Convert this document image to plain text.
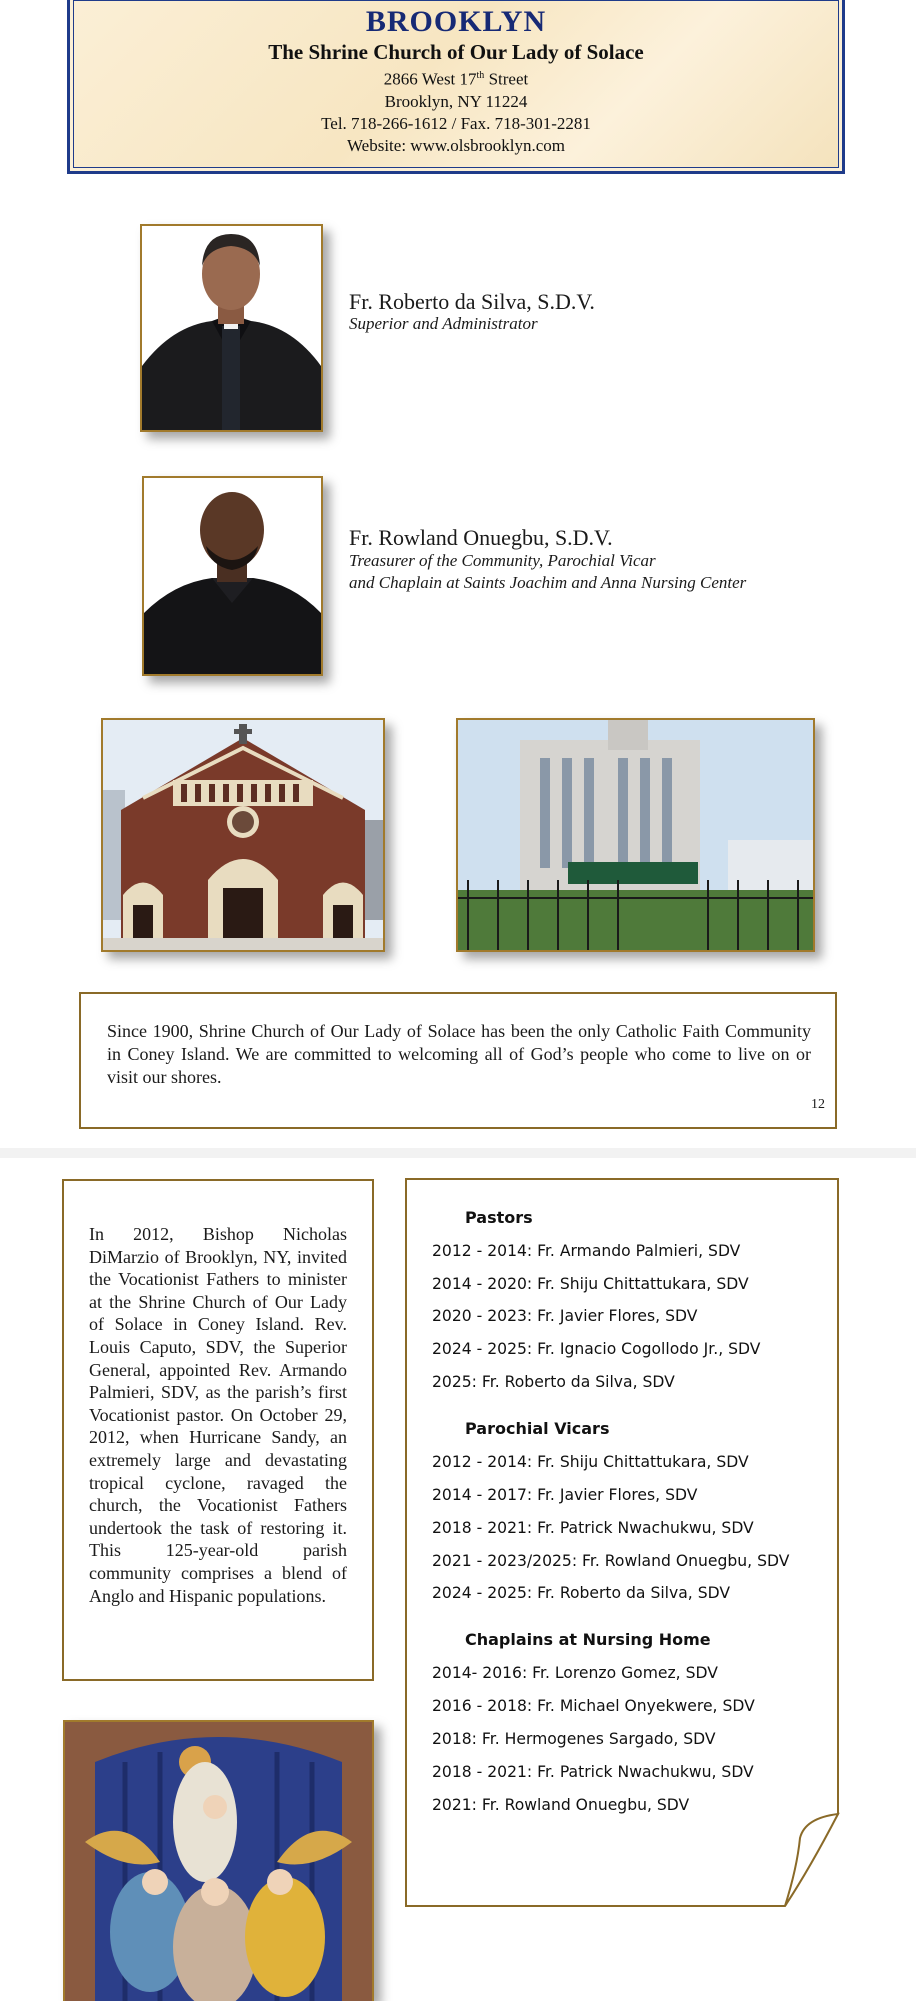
BROOKLYN
The Shrine Church of Our Lady of Solace
2866 West 17th Street
Brooklyn, NY 11224
Tel. 718-266-1612 / Fax. 718-301-2281
Website: www.olsbrooklyn.com
Fr. Roberto da Silva, S.D.V.
Superior and Administrator
Fr. Rowland Onuegbu, S.D.V.
Treasurer of the Community, Parochial Vicar
and Chaplain at Saints Joachim and Anna Nursing Center
Since 1900, Shrine Church of Our Lady of Solace has been the only Catholic Faith Community in Coney Island. We are committed to welcoming all of God’s people who come to live on or visit our shores.
12
In 2012, Bishop Nicholas DiMarzio of Brooklyn, NY, invited the Vocationist Fathers to minister at the Shrine Church of Our Lady of Solace in Coney Island. Rev. Louis Caputo, SDV, the Superior General, appointed Rev. Armando Palmieri, SDV, as the parish’s first Vocationist pastor. On October 29, 2012, when Hurricane Sandy, an extremely large and devastating tropical cyclone, ravaged the church, the Vocationist Fathers undertook the task of restoring it. This 125-year-old parish community comprises a blend of Anglo and Hispanic populations.
Pastors
2012 - 2014: Fr. Armando Palmieri, SDV
2014 - 2020: Fr. Shiju Chittattukara, SDV
2020 - 2023: Fr. Javier Flores, SDV
2024 - 2025: Fr. Ignacio Cogollodo Jr., SDV
2025: Fr. Roberto da Silva, SDV
Parochial Vicars
2012 - 2014: Fr. Shiju Chittattukara, SDV
2014 - 2017: Fr. Javier Flores, SDV
2018 - 2021: Fr. Patrick Nwachukwu, SDV
2021 - 2023/2025: Fr. Rowland Onuegbu, SDV
2024 - 2025: Fr. Roberto da Silva, SDV
Chaplains at Nursing Home
2014- 2016: Fr. Lorenzo Gomez, SDV
2016 - 2018: Fr. Michael Onyekwere, SDV
2018: Fr. Hermogenes Sargado, SDV
2018 - 2021: Fr. Patrick Nwachukwu, SDV
2021: Fr. Rowland Onuegbu, SDV
